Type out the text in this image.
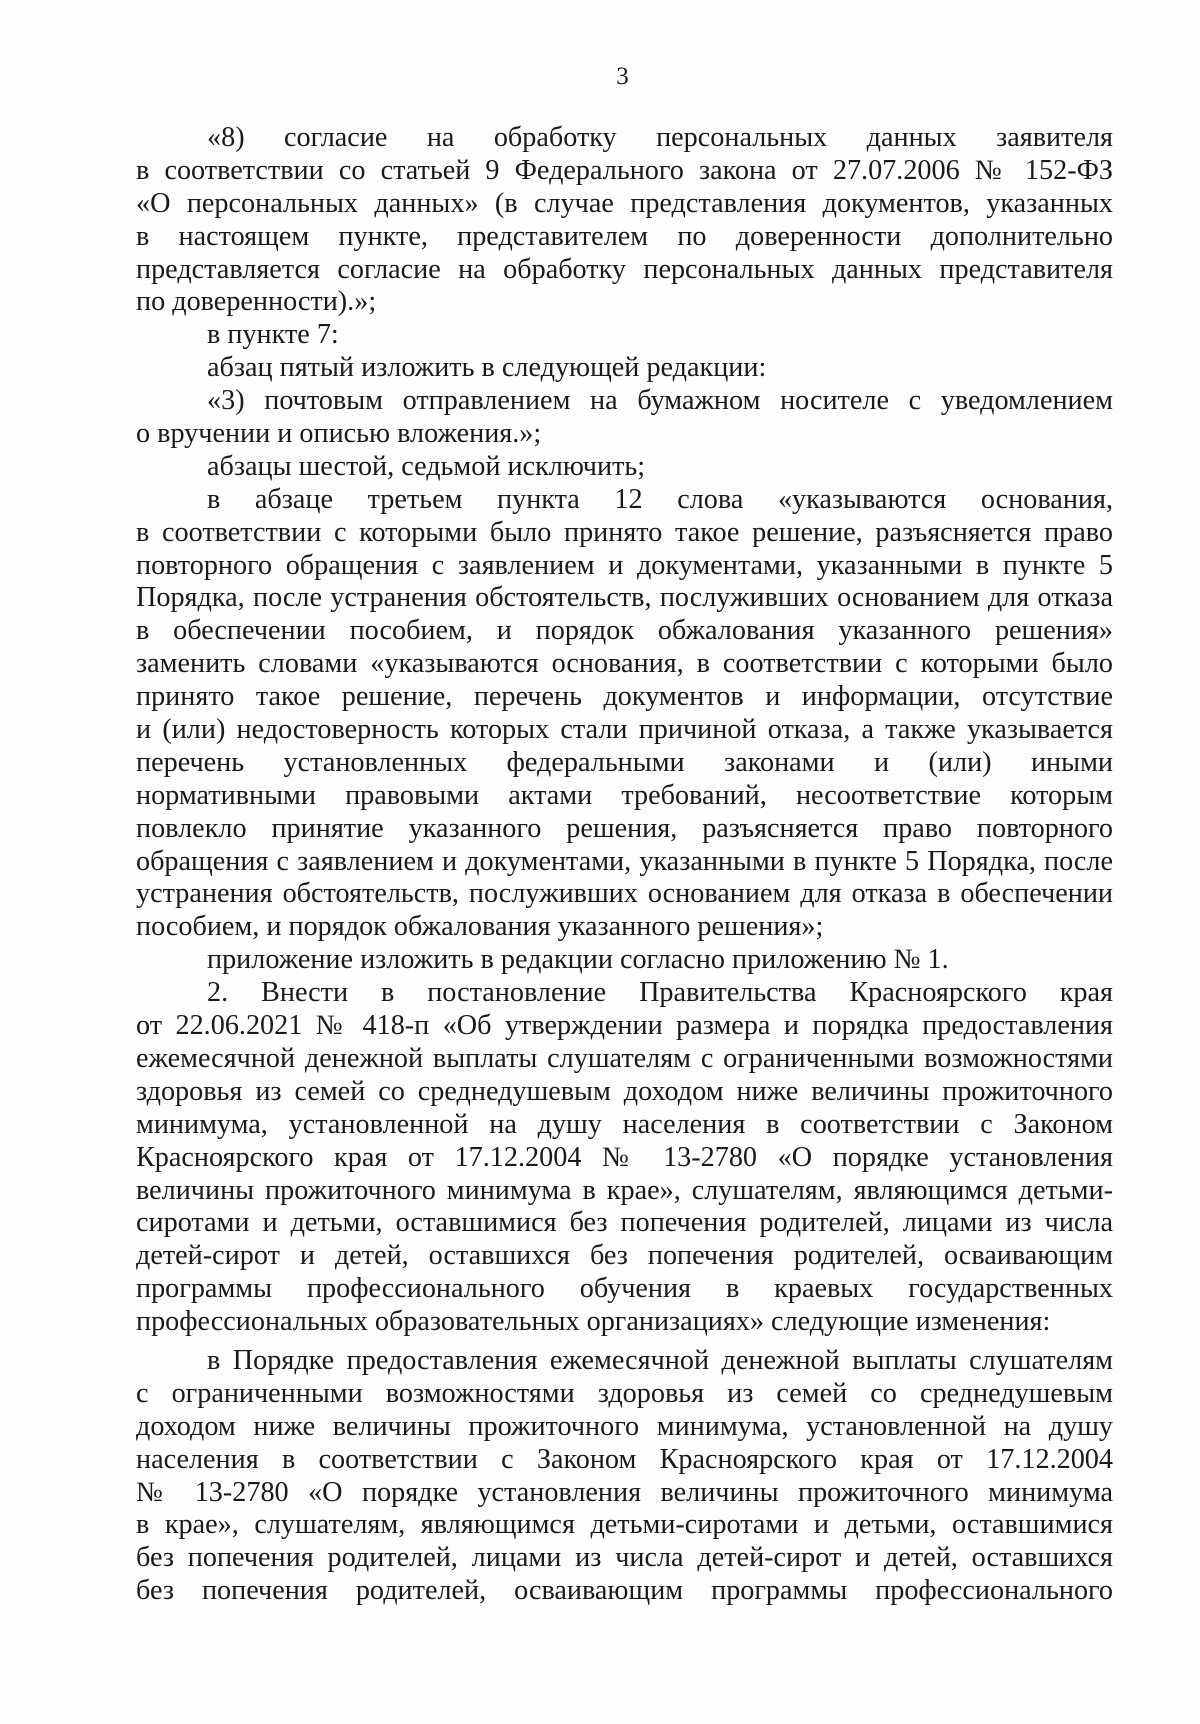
3
«8) согласие на обработку персональных данных заявителя
в соответствии со статьей 9 Федерального закона от 27.07.2006 № 152-ФЗ
«О персональных данных» (в случае представления документов, указанных
в настоящем пункте, представителем по доверенности дополнительно
представляется согласие на обработку персональных данных представителя
по доверенности).»;
в пункте 7:
абзац пятый изложить в следующей редакции:
«3) почтовым отправлением на бумажном носителе с уведомлением
о вручении и описью вложения.»;
абзацы шестой, седьмой исключить;
в абзаце третьем пункта 12 слова «указываются основания,
в соответствии с которыми было принято такое решение, разъясняется право
повторного обращения с заявлением и документами, указанными в пункте 5
Порядка, после устранения обстоятельств, послуживших основанием для отказа
в обеспечении пособием, и порядок обжалования указанного решения»
заменить словами «указываются основания, в соответствии с которыми было
принято такое решение, перечень документов и информации, отсутствие
и (или) недостоверность которых стали причиной отказа, а также указывается
перечень установленных федеральными законами и (или) иными
нормативными правовыми актами требований, несоответствие которым
повлекло принятие указанного решения, разъясняется право повторного
обращения с заявлением и документами, указанными в пункте 5 Порядка, после
устранения обстоятельств, послуживших основанием для отказа в обеспечении
пособием, и порядок обжалования указанного решения»;
приложение изложить в редакции согласно приложению № 1.
2. Внести в постановление Правительства Красноярского края
от 22.06.2021 № 418-п «Об утверждении размера и порядка предоставления
ежемесячной денежной выплаты слушателям с ограниченными возможностями
здоровья из семей со среднедушевым доходом ниже величины прожиточного
минимума, установленной на душу населения в соответствии с Законом
Красноярского края от 17.12.2004 № 13-2780 «О порядке установления
величины прожиточного минимума в крае», слушателям, являющимся детьми-
сиротами и детьми, оставшимися без попечения родителей, лицами из числа
детей-сирот и детей, оставшихся без попечения родителей, осваивающим
программы профессионального обучения в краевых государственных
профессиональных образовательных организациях» следующие изменения:
в Порядке предоставления ежемесячной денежной выплаты слушателям
с ограниченными возможностями здоровья из семей со среднедушевым
доходом ниже величины прожиточного минимума, установленной на душу
населения в соответствии с Законом Красноярского края от 17.12.2004
№ 13-2780 «О порядке установления величины прожиточного минимума
в крае», слушателям, являющимся детьми-сиротами и детьми, оставшимися
без попечения родителей, лицами из числа детей-сирот и детей, оставшихся
без попечения родителей, осваивающим программы профессионального
